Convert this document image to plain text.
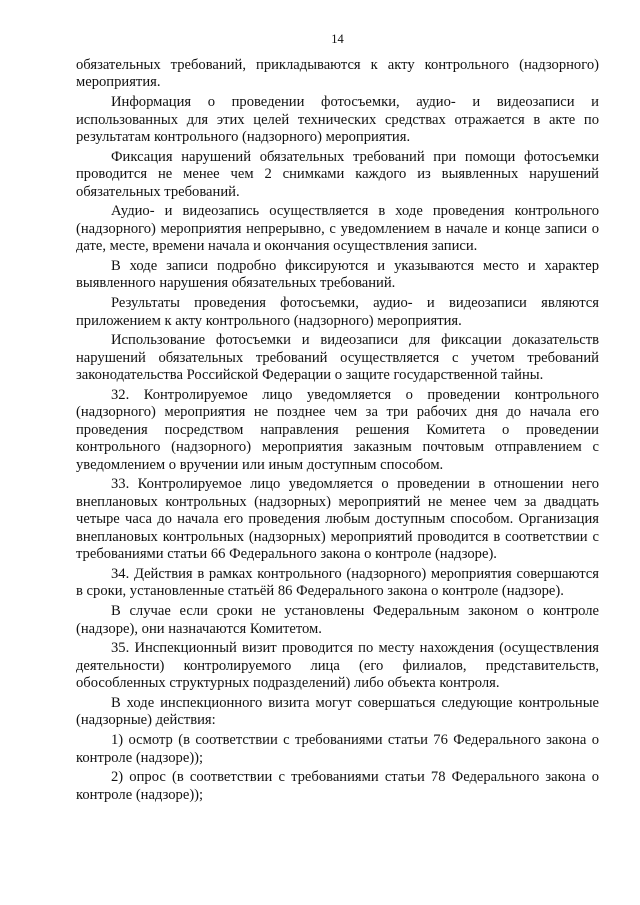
14

обязательных требований, прикладываются к акту контрольного (надзорного) мероприятия.

Информация о проведении фотосъемки, аудио- и видеозаписи и использованных для этих целей технических средствах отражается в акте по результатам контрольного (надзорного) мероприятия.

Фиксация нарушений обязательных требований при помощи фотосъемки проводится не менее чем 2 снимками каждого из выявленных нарушений обязательных требований.

Аудио- и видеозапись осуществляется в ходе проведения контрольного (надзорного) мероприятия непрерывно, с уведомлением в начале и конце записи о дате, месте, времени начала и окончания осуществления записи.

В ходе записи подробно фиксируются и указываются место и характер выявленного нарушения обязательных требований.

Результаты проведения фотосъемки, аудио- и видеозаписи являются приложением к акту контрольного (надзорного) мероприятия.

Использование фотосъемки и видеозаписи для фиксации доказательств нарушений обязательных требований осуществляется с учетом требований законодательства Российской Федерации о защите государственной тайны.

32. Контролируемое лицо уведомляется о проведении контрольного (надзорного) мероприятия не позднее чем за три рабочих дня до начала его проведения посредством направления решения Комитета о проведении контрольного (надзорного) мероприятия заказным почтовым отправлением с уведомлением о вручении или иным доступным способом.

33. Контролируемое лицо уведомляется о проведении в отношении него внеплановых контрольных (надзорных) мероприятий не менее чем за двадцать четыре часа до начала его проведения любым доступным способом. Организация внеплановых контрольных (надзорных) мероприятий проводится в соответствии с требованиями статьи 66 Федерального закона о контроле (надзоре).

34. Действия в рамках контрольного (надзорного) мероприятия совершаются в сроки, установленные статьёй 86 Федерального закона о контроле (надзоре).

В случае если сроки не установлены Федеральным законом о контроле (надзоре), они назначаются Комитетом.

35. Инспекционный визит проводится по месту нахождения (осуществления деятельности) контролируемого лица (его филиалов, представительств, обособленных структурных подразделений) либо объекта контроля.

В ходе инспекционного визита могут совершаться следующие контрольные (надзорные) действия:

1) осмотр (в соответствии с требованиями статьи 76 Федерального закона о контроле (надзоре));

2) опрос (в соответствии с требованиями статьи 78 Федерального закона о контроле (надзоре));
